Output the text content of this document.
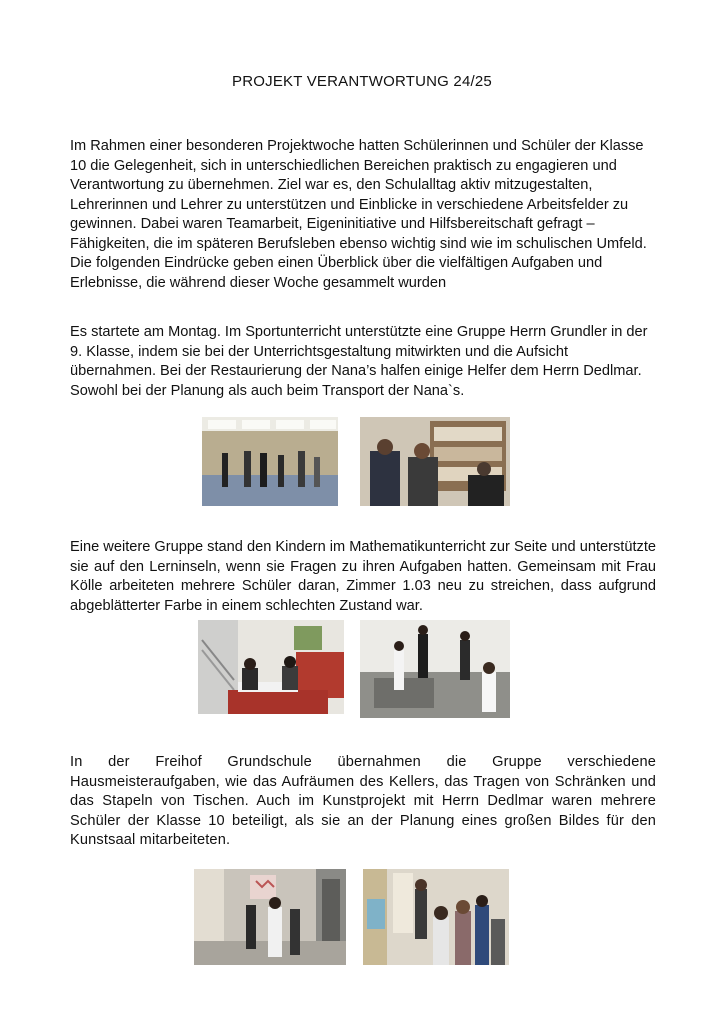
PROJEKT VERANTWORTUNG 24/25

Im Rahmen einer besonderen Projektwoche hatten Schülerinnen und Schüler der Klasse 10 die Gelegenheit, sich in unterschiedlichen Bereichen praktisch zu engagieren und Verantwortung zu übernehmen. Ziel war es, den Schulalltag aktiv mitzugestalten, Lehrerinnen und Lehrer zu unterstützen und Einblicke in verschiedene Arbeitsfelder zu gewinnen. Dabei waren Teamarbeit, Eigeninitiative und Hilfsbereitschaft gefragt – Fähigkeiten, die im späteren Berufsleben ebenso wichtig sind wie im schulischen Umfeld. Die folgenden Eindrücke geben einen Überblick über die vielfältigen Aufgaben und Erlebnisse, die während dieser Woche gesammelt wurden

Es startete am Montag. Im Sportunterricht unterstützte eine Gruppe Herrn Grundler in der 9. Klasse, indem sie bei der Unterrichtsgestaltung mitwirkten und die Aufsicht übernahmen. Bei der Restaurierung der Nana’s halfen einige Helfer dem Herrn Dedlmar. Sowohl bei der Planung als auch beim Transport der Nana`s.

Eine weitere Gruppe stand den Kindern im Mathematikunterricht zur Seite und unterstützte sie auf den Lerninseln, wenn sie Fragen zu ihren Aufgaben hatten. Gemeinsam mit Frau Kölle arbeiteten mehrere Schüler daran, Zimmer 1.03 neu zu streichen, dass aufgrund abgeblätterter Farbe in einem schlechten Zustand war.

In der Freihof Grundschule übernahmen die Gruppe verschiedene Hausmeisteraufgaben, wie das Aufräumen des Kellers, das Tragen von Schränken und das Stapeln von Tischen. Auch im Kunstprojekt mit Herrn Dedlmar waren mehrere Schüler der Klasse 10 beteiligt, als sie an der Planung eines großen Bildes für den Kunstsaal mitarbeiteten.
